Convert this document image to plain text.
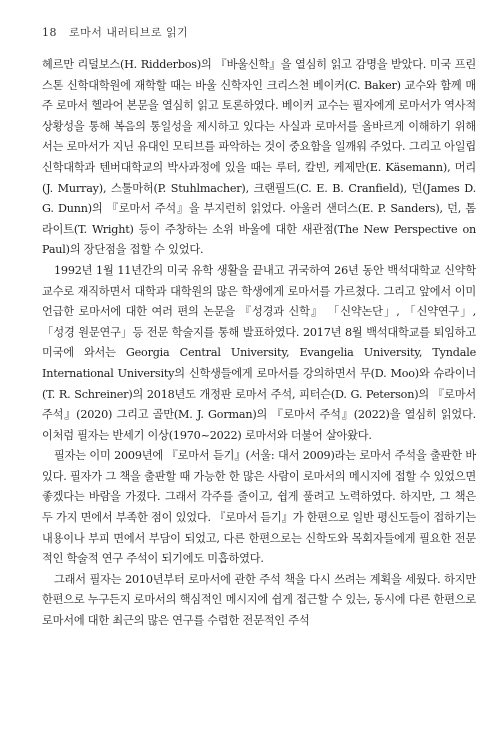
18 로마서 내러티브로 읽기

헤르만 리덜보스(H. Ridderbos)의 『바울신학』을 열심히 읽고 감명을 받았다. 미국 프린스톤 신학대학원에 재학할 때는 바울 신학자인 크리스천 베이커(C. Baker) 교수와 함께 매주 로마서 헬라어 본문을 열심히 읽고 토론하였다. 베이커 교수는 필자에게 로마서가 역사적 상황성을 통해 복음의 통일성을 제시하고 있다는 사실과 로마서를 올바르게 이해하기 위해서는 로마서가 지닌 유대인 모티브를 파악하는 것이 중요함을 일깨워 주었다. 그리고 아일립신학대학과 텐버대학교의 박사과정에 있을 때는 루터, 칼빈, 케제만(E. Käsemann), 머리(J. Murray), 스툴마허(P. Stuhlmacher), 크랜필드(C. E. B. Cranfield), 던(James D. G. Dunn)의 『로마서 주석』을 부지런히 읽었다. 아울러 샌더스(E. P. Sanders), 던, 톰 라이트(T. Wright) 등이 주창하는 소위 바울에 대한 새관점(The New Perspective on Paul)의 장단점을 접할 수 있었다.

1992년 1월 11년간의 미국 유학 생활을 끝내고 귀국하여 26년 동안 백석대학교 신약학 교수로 재직하면서 대학과 대학원의 많은 학생에게 로마서를 가르쳤다. 그리고 앞에서 이미 언급한 로마서에 대한 여러 편의 논문을 『성경과 신학』 「신약논단」, 「신약연구」, 「성경 원문연구」등 전문 학술지를 통해 발표하였다. 2017년 8월 백석대학교를 퇴임하고 미국에 와서는 Georgia Central University, Evangelia University, Tyndale International University의 신학생들에게 로마서를 강의하면서 무(D. Moo)와 슈라이너(T. R. Schreiner)의 2018년도 개정판 로마서 주석, 피터슨(D. G. Peterson)의 『로마서 주석』(2020) 그리고 골만(M. J. Gorman)의 『로마서 주석』(2022)을 열심히 읽었다. 이처럼 필자는 반세기 이상(1970~2022) 로마서와 더불어 살아왔다.

필자는 이미 2009년에 『로마서 듣기』(서울: 대서 2009)라는 로마서 주석을 출판한 바 있다. 필자가 그 책을 출판할 때 가능한 한 많은 사람이 로마서의 메시지에 접할 수 있었으면 좋겠다는 바람을 가졌다. 그래서 각주를 줄이고, 쉽게 풀려고 노력하였다. 하지만, 그 책은 두 가지 면에서 부족한 점이 있었다. 『로마서 듣기』가 한편으로 일반 평신도들이 접하기는 내용이나 부피 면에서 부담이 되었고, 다른 한편으로는 신학도와 목회자들에게 필요한 전문적인 학술적 연구 주석이 되기에도 미흡하였다.

그래서 필자는 2010년부터 로마서에 관한 주석 책을 다시 쓰려는 계획을 세웠다. 하지만 한편으로 누구든지 로마서의 핵심적인 메시지에 쉽게 접근할 수 있는, 동시에 다른 한편으로 로마서에 대한 최근의 많은 연구를 수렴한 전문적인 주석
